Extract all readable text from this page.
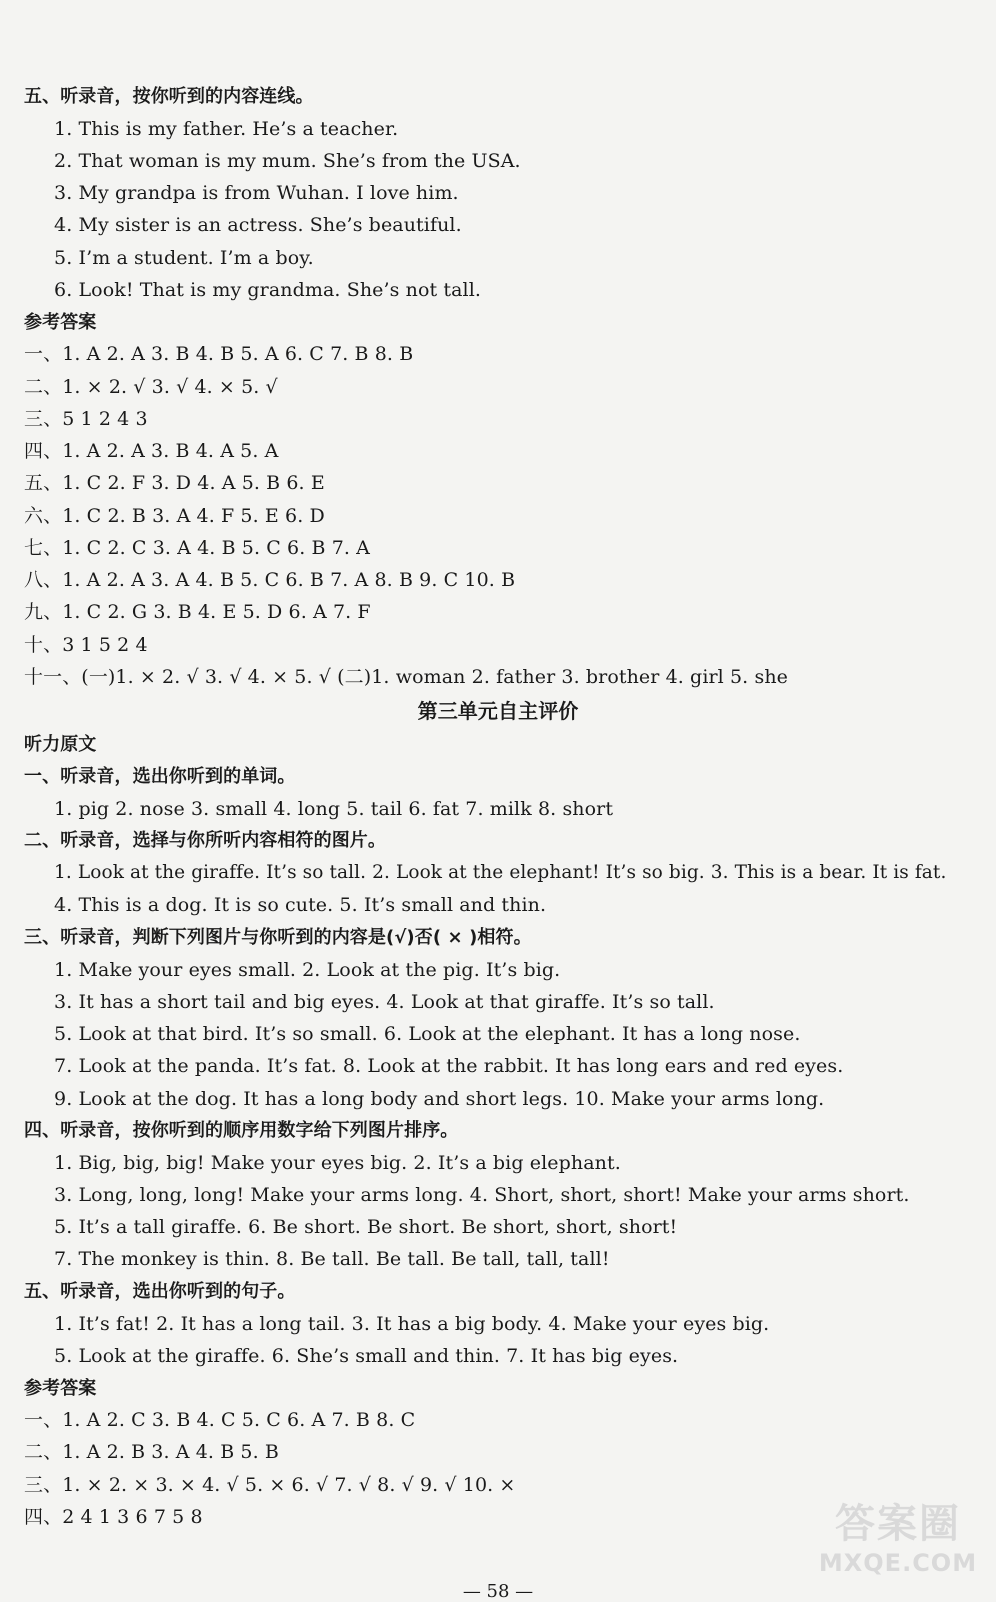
五、听录音，按你听到的内容连线。
1. This is my father. He’s a teacher.
2. That woman is my mum. She’s from the USA.
3. My grandpa is from Wuhan. I love him.
4. My sister is an actress. She’s beautiful.
5. I’m a student. I’m a boy.
6. Look! That is my grandma. She’s not tall.
参考答案
一、1. A 2. A 3. B 4. B 5. A 6. C 7. B 8. B
二、1. × 2. √ 3. √ 4. × 5. √
三、5 1 2 4 3
四、1. A 2. A 3. B 4. A 5. A
五、1. C 2. F 3. D 4. A 5. B 6. E
六、1. C 2. B 3. A 4. F 5. E 6. D
七、1. C 2. C 3. A 4. B 5. C 6. B 7. A
八、1. A 2. A 3. A 4. B 5. C 6. B 7. A 8. B 9. C 10. B
九、1. C 2. G 3. B 4. E 5. D 6. A 7. F
十、3 1 5 2 4
十一、(一)1. × 2. √ 3. √ 4. × 5. √ (二)1. woman 2. father 3. brother 4. girl 5. she
第三单元自主评价
听力原文
一、听录音，选出你听到的单词。
1. pig 2. nose 3. small 4. long 5. tail 6. fat 7. milk 8. short
二、听录音，选择与你所听内容相符的图片。
1. Look at the giraffe. It’s so tall. 2. Look at the elephant! It’s so big. 3. This is a bear. It is fat.
4. This is a dog. It is so cute. 5. It’s small and thin.
三、听录音，判断下列图片与你听到的内容是(√)否( × )相符。
1. Make your eyes small. 2. Look at the pig. It’s big.
3. It has a short tail and big eyes. 4. Look at that giraffe. It’s so tall.
5. Look at that bird. It’s so small. 6. Look at the elephant. It has a long nose.
7. Look at the panda. It’s fat. 8. Look at the rabbit. It has long ears and red eyes.
9. Look at the dog. It has a long body and short legs. 10. Make your arms long.
四、听录音，按你听到的顺序用数字给下列图片排序。
1. Big, big, big! Make your eyes big. 2. It’s a big elephant.
3. Long, long, long! Make your arms long. 4. Short, short, short! Make your arms short.
5. It’s a tall giraffe. 6. Be short. Be short. Be short, short, short!
7. The monkey is thin. 8. Be tall. Be tall. Be tall, tall, tall!
五、听录音，选出你听到的句子。
1. It’s fat! 2. It has a long tail. 3. It has a big body. 4. Make your eyes big.
5. Look at the giraffe. 6. She’s small and thin. 7. It has big eyes.
参考答案
一、1. A 2. C 3. B 4. C 5. C 6. A 7. B 8. C
二、1. A 2. B 3. A 4. B 5. B
三、1. × 2. × 3. × 4. √ 5. × 6. √ 7. √ 8. √ 9. √ 10. ×
四、2 4 1 3 6 7 5 8	答案圈
MXQE.COM
— 58 —
